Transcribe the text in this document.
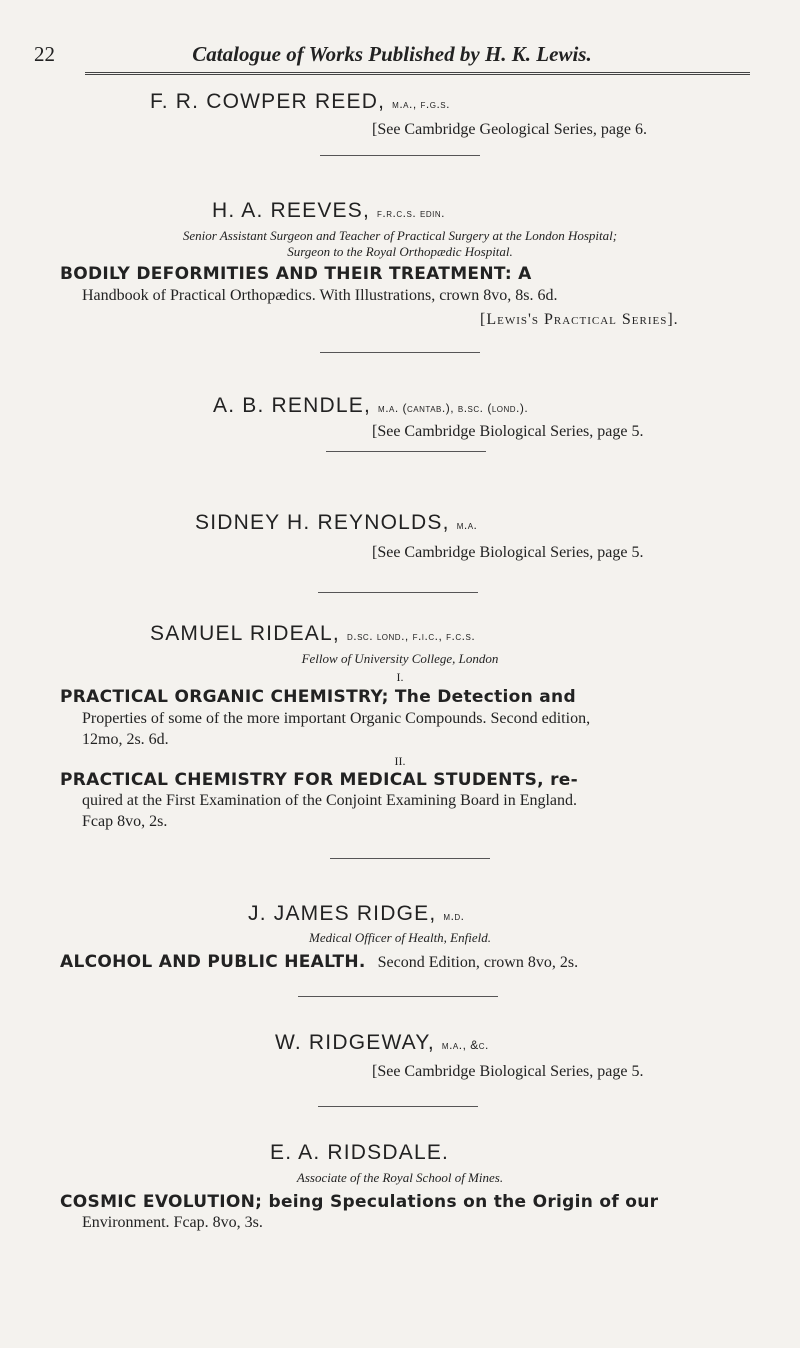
22	Catalogue of Works Published by H. K. Lewis.
F. R. COWPER REED, m.a., f.g.s.
[See Cambridge Geological Series, page 6.
H. A. REEVES, f.r.c.s. edin.
Senior Assistant Surgeon and Teacher of Practical Surgery at the London Hospital;
Surgeon to the Royal Orthopædic Hospital.
BODILY DEFORMITIES AND THEIR TREATMENT: A
Handbook of Practical Orthopædics. With Illustrations, crown 8vo, 8s. 6d.
[Lewis's Practical Series].
A. B. RENDLE, m.a. (cantab.), b.sc. (lond.).
[See Cambridge Biological Series, page 5.
SIDNEY H. REYNOLDS, m.a.
[See Cambridge Biological Series, page 5.
SAMUEL RIDEAL, d.sc. lond., f.i.c., f.c.s.
Fellow of University College, London
I.
PRACTICAL ORGANIC CHEMISTRY; The Detection and
Properties of some of the more important Organic Compounds. Second edition,
12mo, 2s. 6d.
II.
PRACTICAL CHEMISTRY FOR MEDICAL STUDENTS, re-
quired at the First Examination of the Conjoint Examining Board in England.
Fcap 8vo, 2s.
J. JAMES RIDGE, m.d.
Medical Officer of Health, Enfield.
ALCOHOL AND PUBLIC HEALTH. Second Edition, crown 8vo, 2s.
W. RIDGEWAY, m.a., &c.
[See Cambridge Biological Series, page 5.
E. A. RIDSDALE.
Associate of the Royal School of Mines.
COSMIC EVOLUTION; being Speculations on the Origin of our
Environment. Fcap. 8vo, 3s.
